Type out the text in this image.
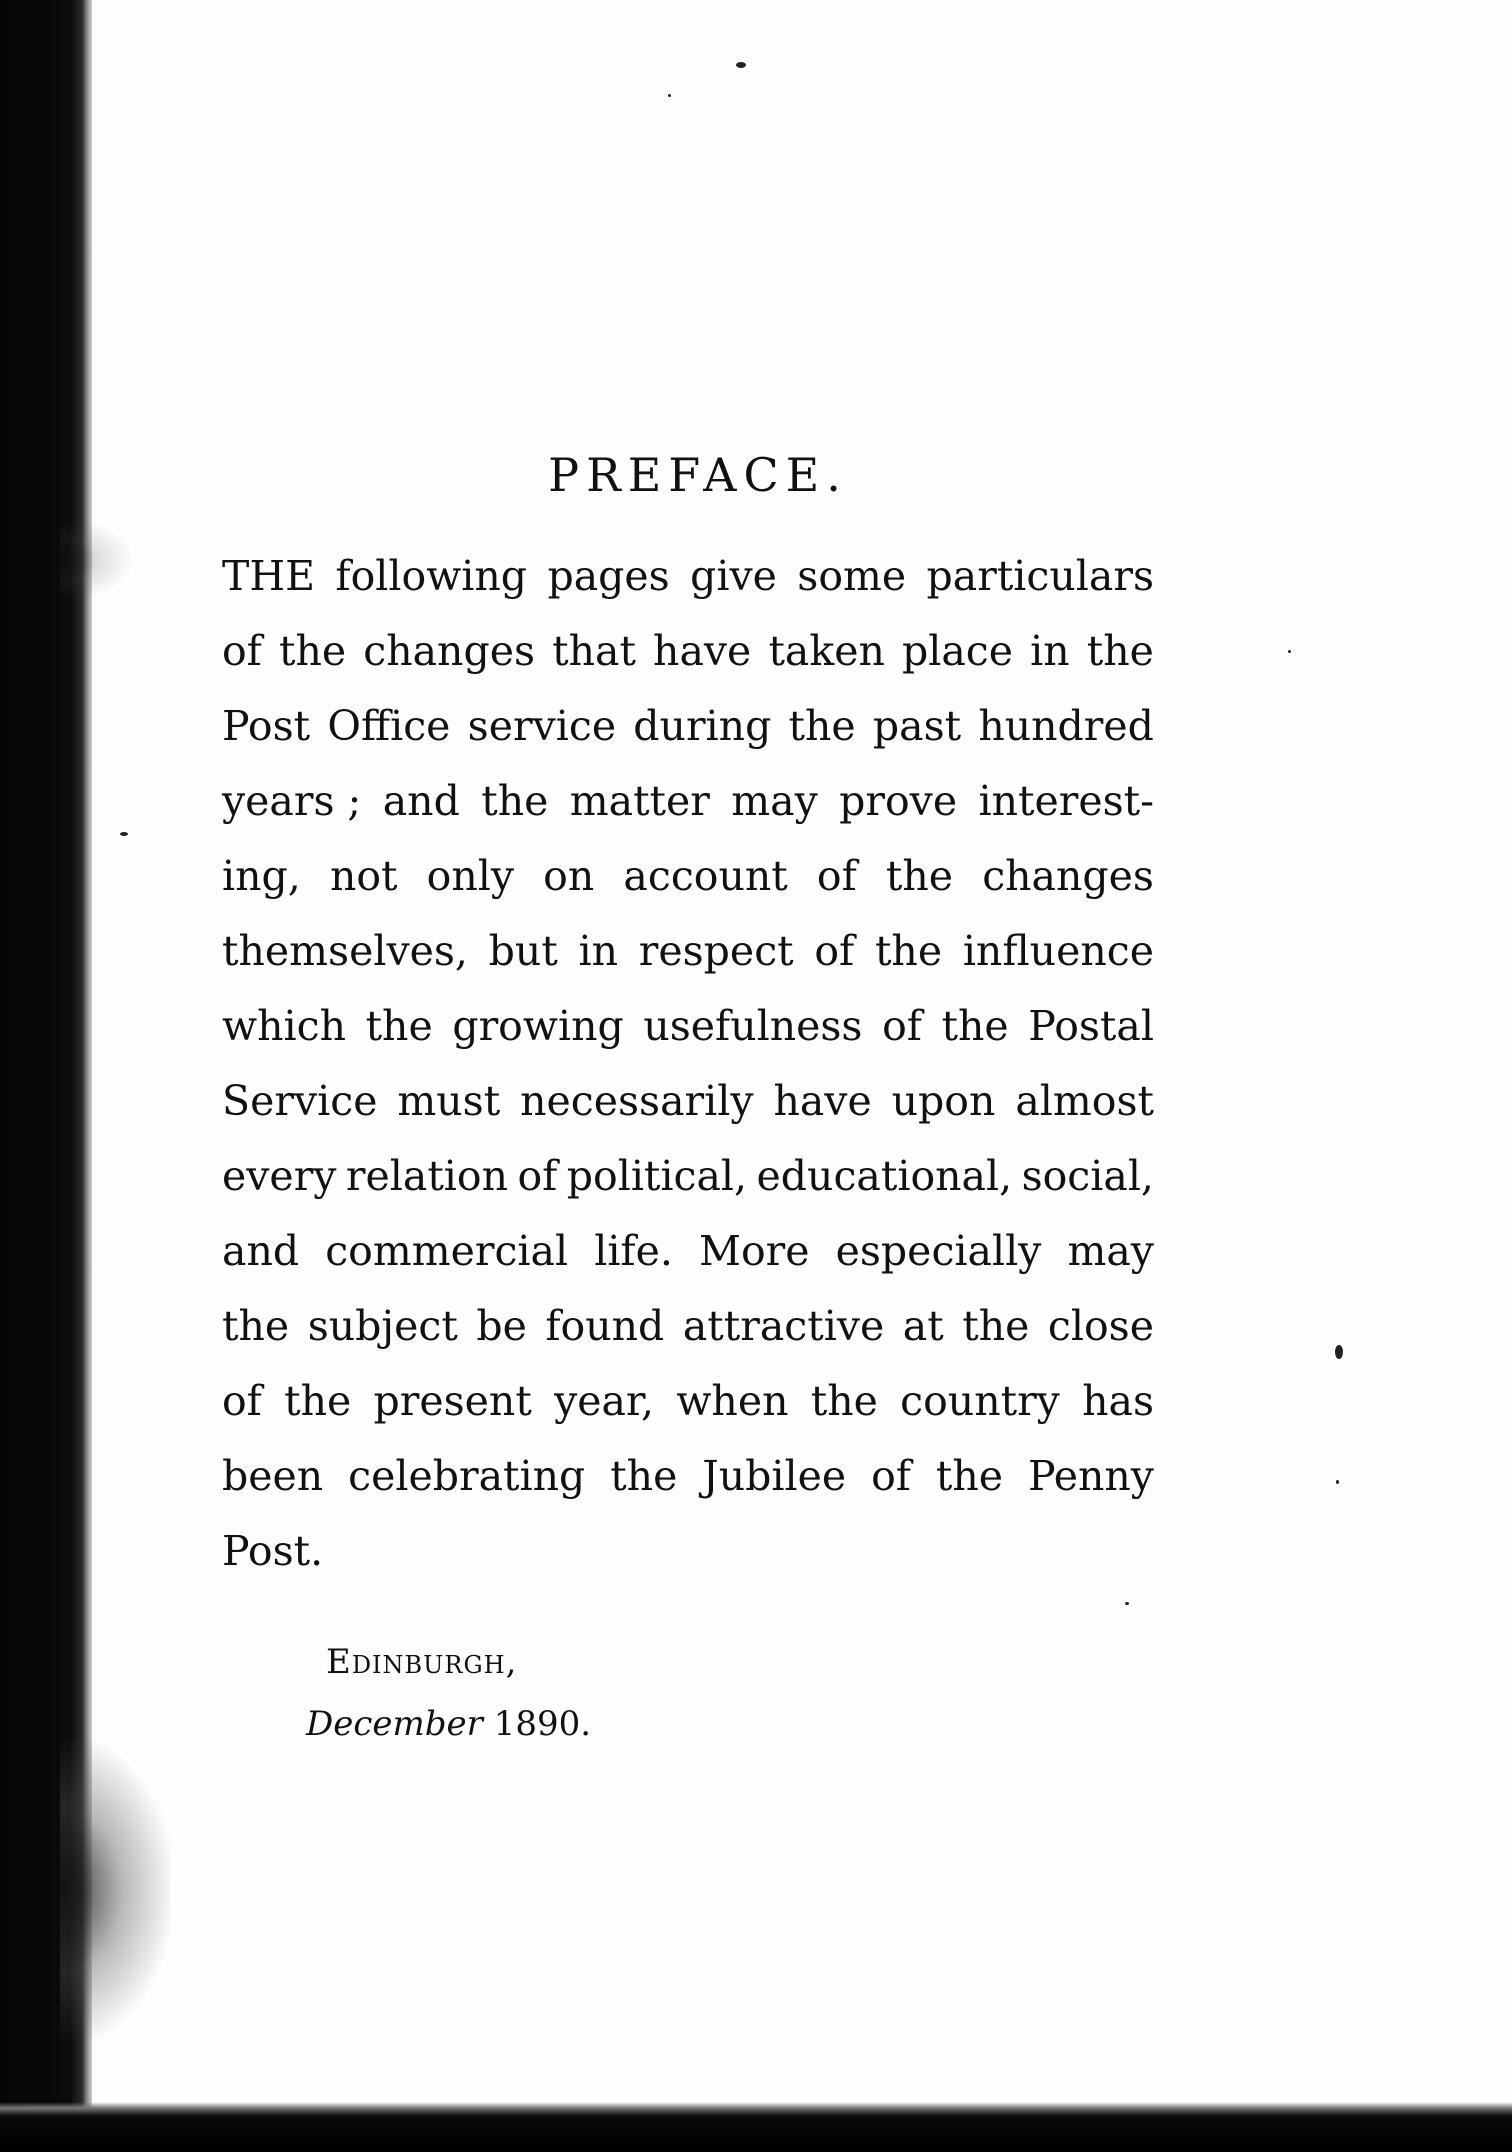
PREFACE.
THE following pages give some particulars
of the changes that have taken place in the
Post Office service during the past hundred
years ; and the matter may prove interest-
ing, not only on account of the changes
themselves, but in respect of the influence
which the growing usefulness of the Postal
Service must necessarily have upon almost
every relation of political, educational, social,
and commercial life. More especially may
the subject be found attractive at the close
of the present year, when the country has
been celebrating the Jubilee of the Penny
Post.
Edinburgh,
December 1890.
